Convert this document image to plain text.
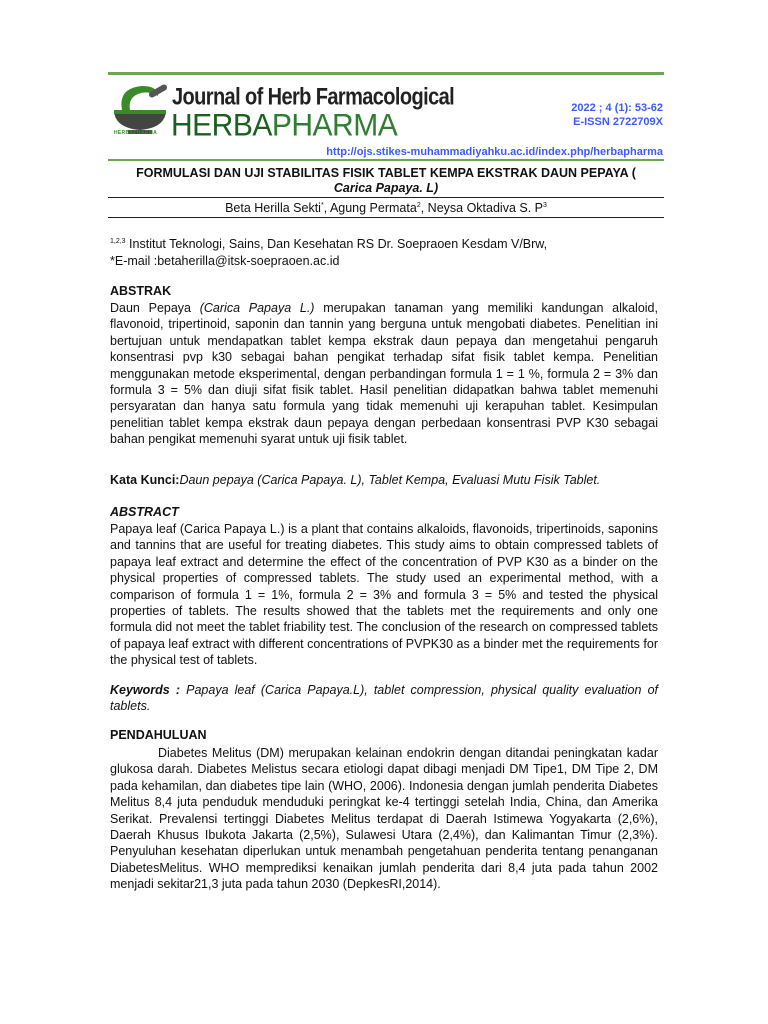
HERBAPHARMA
Journal of Herb Farmacological
HERBAPHARMA	2022 ; 4 (1): 53-62
E-ISSN 2722709X
http://ojs.stikes-muhammadiyahku.ac.id/index.php/herbapharma
FORMULASI DAN UJI STABILITAS FISIK TABLET KEMPA EKSTRAK DAUN PEPAYA (
Carica Papaya. L)
Beta Herilla Sekti*, Agung Permata$^2$, Neysa Oktadiva S. $P^3$
$^{1,2,3}$ Institut Teknologi, Sains, Dan Kesehatan RS Dr. Soepraoen Kesdam V/Brw,
*E-mail :betaherilla@itsk-soepraoen.ac.id
ABSTRAK

Daun Pepaya (Carica Papaya L.) merupakan tanaman yang memiliki kandungan alkaloid, flavonoid, tripertinoid, saponin dan tannin yang berguna untuk mengobati diabetes. Penelitian ini bertujuan untuk mendapatkan tablet kempa ekstrak daun pepaya dan mengetahui pengaruh konsentrasi pvp k30 sebagai bahan pengikat terhadap sifat fisik tablet kempa. Penelitian menggunakan metode eksperimental, dengan perbandingan formula 1 = 1 %, formula 2 = 3% dan formula 3 = 5% dan diuji sifat fisik tablet. Hasil penelitian didapatkan bahwa tablet memenuhi persyaratan dan hanya satu formula yang tidak memenuhi uji kerapuhan tablet. Kesimpulan penelitian tablet kempa ekstrak daun pepaya dengan perbedaan konsentrasi PVP K30 sebagai bahan pengikat memenuhi syarat untuk uji fisik tablet.

Kata Kunci:Daun pepaya (Carica Papaya. L), Tablet Kempa, Evaluasi Mutu Fisik Tablet.

ABSTRACT

Papaya leaf (Carica Papaya L.) is a plant that contains alkaloids, flavonoids, tripertinoids, saponins and tannins that are useful for treating diabetes. This study aims to obtain compressed tablets of papaya leaf extract and determine the effect of the concentration of PVP K30 as a binder on the physical properties of compressed tablets. The study used an experimental method, with a comparison of formula 1 = 1%, formula 2 = 3% and formula 3 = 5% and tested the physical properties of tablets. The results showed that the tablets met the requirements and only one formula did not meet the tablet friability test. The conclusion of the research on compressed tablets of papaya leaf extract with different concentrations of PVPK30 as a binder met the requirements for the physical test of tablets.

Keywords : Papaya leaf (Carica Papaya.L), tablet compression, physical quality evaluation of tablets.

PENDAHULUAN

Diabetes Melitus (DM) merupakan kelainan endokrin dengan ditandai peningkatan kadar glukosa darah. Diabetes Melistus secara etiologi dapat dibagi menjadi DM Tipe1, DM Tipe 2, DM pada kehamilan, dan diabetes tipe lain (WHO, 2006). Indonesia dengan jumlah penderita Diabetes Melitus 8,4 juta penduduk menduduki peringkat ke-4 tertinggi setelah India, China, dan Amerika Serikat. Prevalensi tertinggi Diabetes Melitus terdapat di Daerah Istimewa Yogyakarta (2,6%), Daerah Khusus Ibukota Jakarta (2,5%), Sulawesi Utara (2,4%), dan Kalimantan Timur (2,3%). Penyuluhan kesehatan diperlukan untuk menambah pengetahuan penderita tentang penanganan DiabetesMelitus. WHO memprediksi kenaikan jumlah penderita dari 8,4 juta pada tahun 2002 menjadi sekitar21,3 juta pada tahun 2030 (DepkesRI,2014).
